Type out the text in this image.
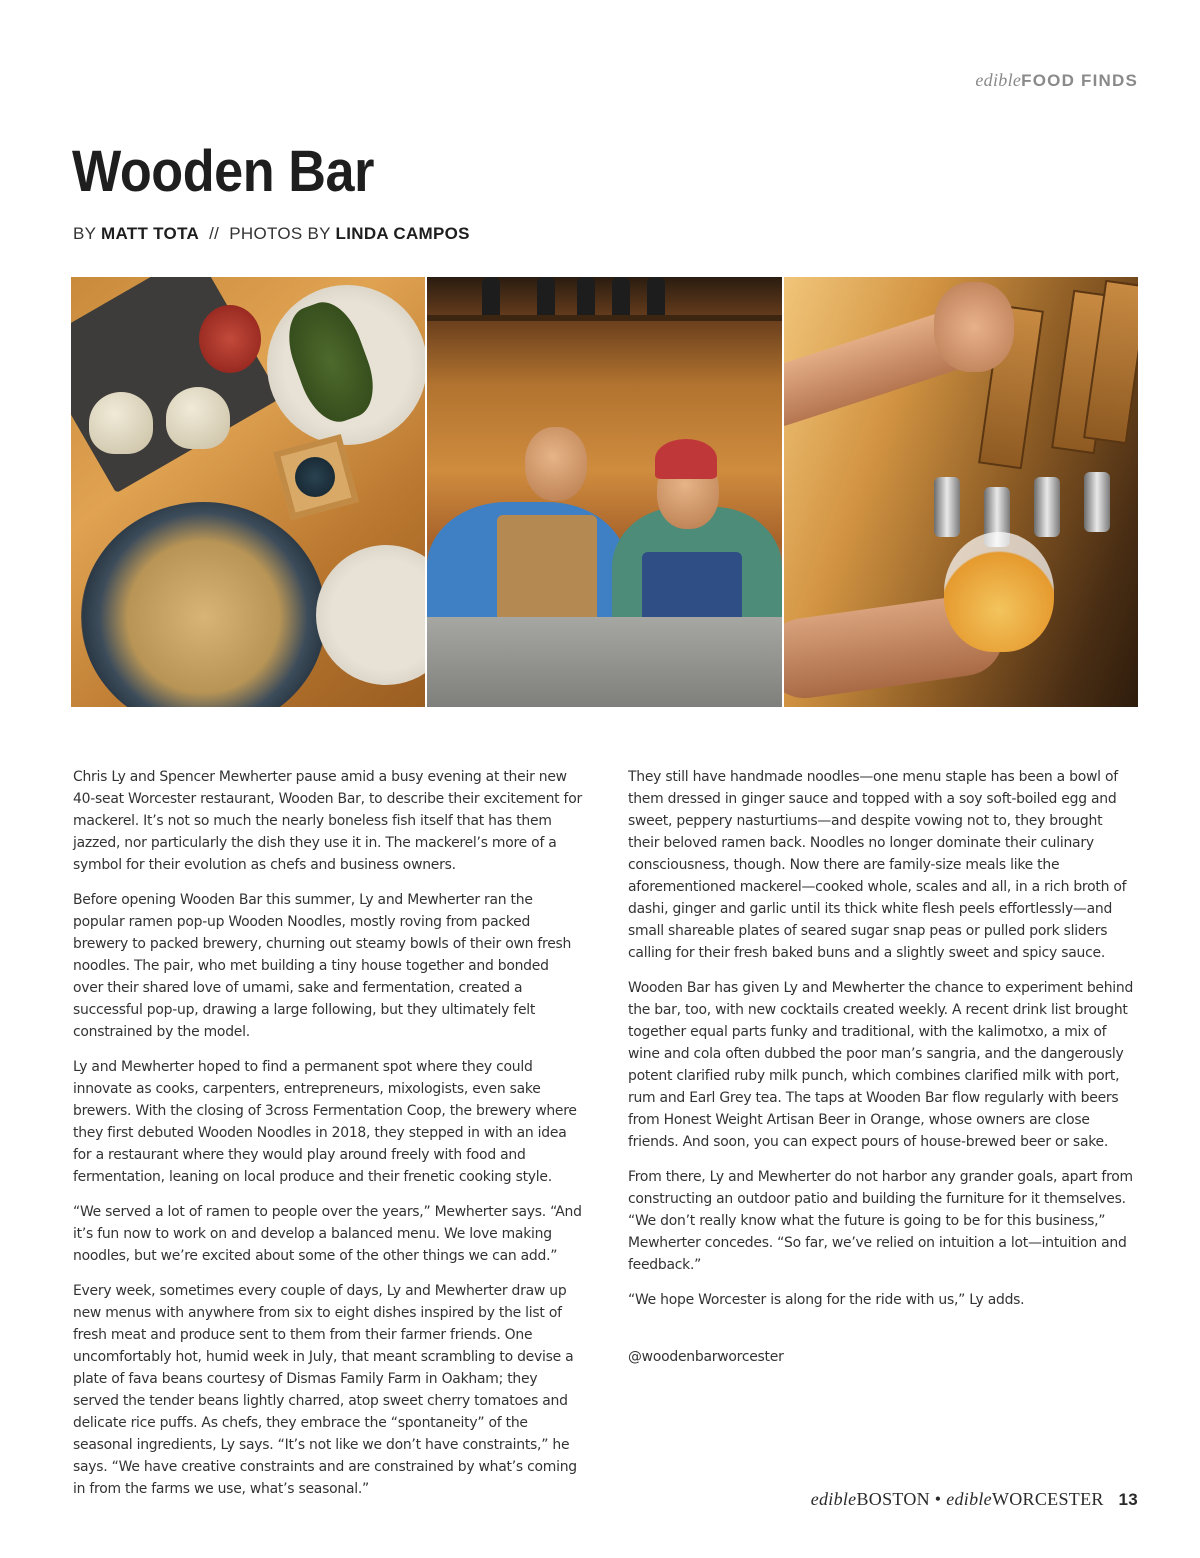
edibleFOOD FINDS
Wooden Bar
BY MATT TOTA // PHOTOS BY LINDA CAMPOS

Chris Ly and Spencer Mewherter pause amid a busy evening at their new 40-seat Worcester restaurant, Wooden Bar, to describe their excitement for mackerel. It’s not so much the nearly boneless fish itself that has them jazzed, nor particularly the dish they use it in. The mackerel’s more of a symbol for their evolution as chefs and business owners.

Before opening Wooden Bar this summer, Ly and Mewherter ran the popular ramen pop-up Wooden Noodles, mostly roving from packed brewery to packed brewery, churning out steamy bowls of their own fresh noodles. The pair, who met building a tiny house together and bonded over their shared love of umami, sake and fermentation, created a successful pop-up, drawing a large following, but they ultimately felt constrained by the model.

Ly and Mewherter hoped to find a permanent spot where they could innovate as cooks, carpenters, entrepreneurs, mixologists, even sake brewers. With the closing of 3cross Fermentation Coop, the brewery where they first debuted Wooden Noodles in 2018, they stepped in with an idea for a restaurant where they would play around freely with food and fermentation, leaning on local produce and their frenetic cooking style.

“We served a lot of ramen to people over the years,” Mewherter says. “And it’s fun now to work on and develop a balanced menu. We love making noodles, but we’re excited about some of the other things we can add.”

Every week, sometimes every couple of days, Ly and Mewherter draw up new menus with anywhere from six to eight dishes inspired by the list of fresh meat and produce sent to them from their farmer friends. One uncomfortably hot, humid week in July, that meant scrambling to devise a plate of fava beans courtesy of Dismas Family Farm in Oakham; they served the tender beans lightly charred, atop sweet cherry tomatoes and delicate rice puffs. As chefs, they embrace the “spontaneity” of the seasonal ingredients, Ly says. “It’s not like we don’t have constraints,” he says. “We have creative constraints and are constrained by what’s coming in from the farms we use, what’s seasonal.”

They still have handmade noodles—one menu staple has been a bowl of them dressed in ginger sauce and topped with a soy soft-boiled egg and sweet, peppery nasturtiums—and despite vowing not to, they brought their beloved ramen back. Noodles no longer dominate their culinary consciousness, though. Now there are family-size meals like the aforementioned mackerel—cooked whole, scales and all, in a rich broth of dashi, ginger and garlic until its thick white flesh peels effortlessly—and small shareable plates of seared sugar snap peas or pulled pork sliders calling for their fresh baked buns and a slightly sweet and spicy sauce.

Wooden Bar has given Ly and Mewherter the chance to experiment behind the bar, too, with new cocktails created weekly. A recent drink list brought together equal parts funky and traditional, with the kalimotxo, a mix of wine and cola often dubbed the poor man’s sangria, and the dangerously potent clarified ruby milk punch, which combines clarified milk with port, rum and Earl Grey tea. The taps at Wooden Bar flow regularly with beers from Honest Weight Artisan Beer in Orange, whose owners are close friends. And soon, you can expect pours of house-brewed beer or sake.

From there, Ly and Mewherter do not harbor any grander goals, apart from constructing an outdoor patio and building the furniture for it themselves. “We don’t really know what the future is going to be for this business,” Mewherter concedes. “So far, we’ve relied on intuition a lot—intuition and feedback.”

“We hope Worcester is along for the ride with us,” Ly adds.

@woodenbarworcester

edibleBOSTON • edibleWORCESTER 13
